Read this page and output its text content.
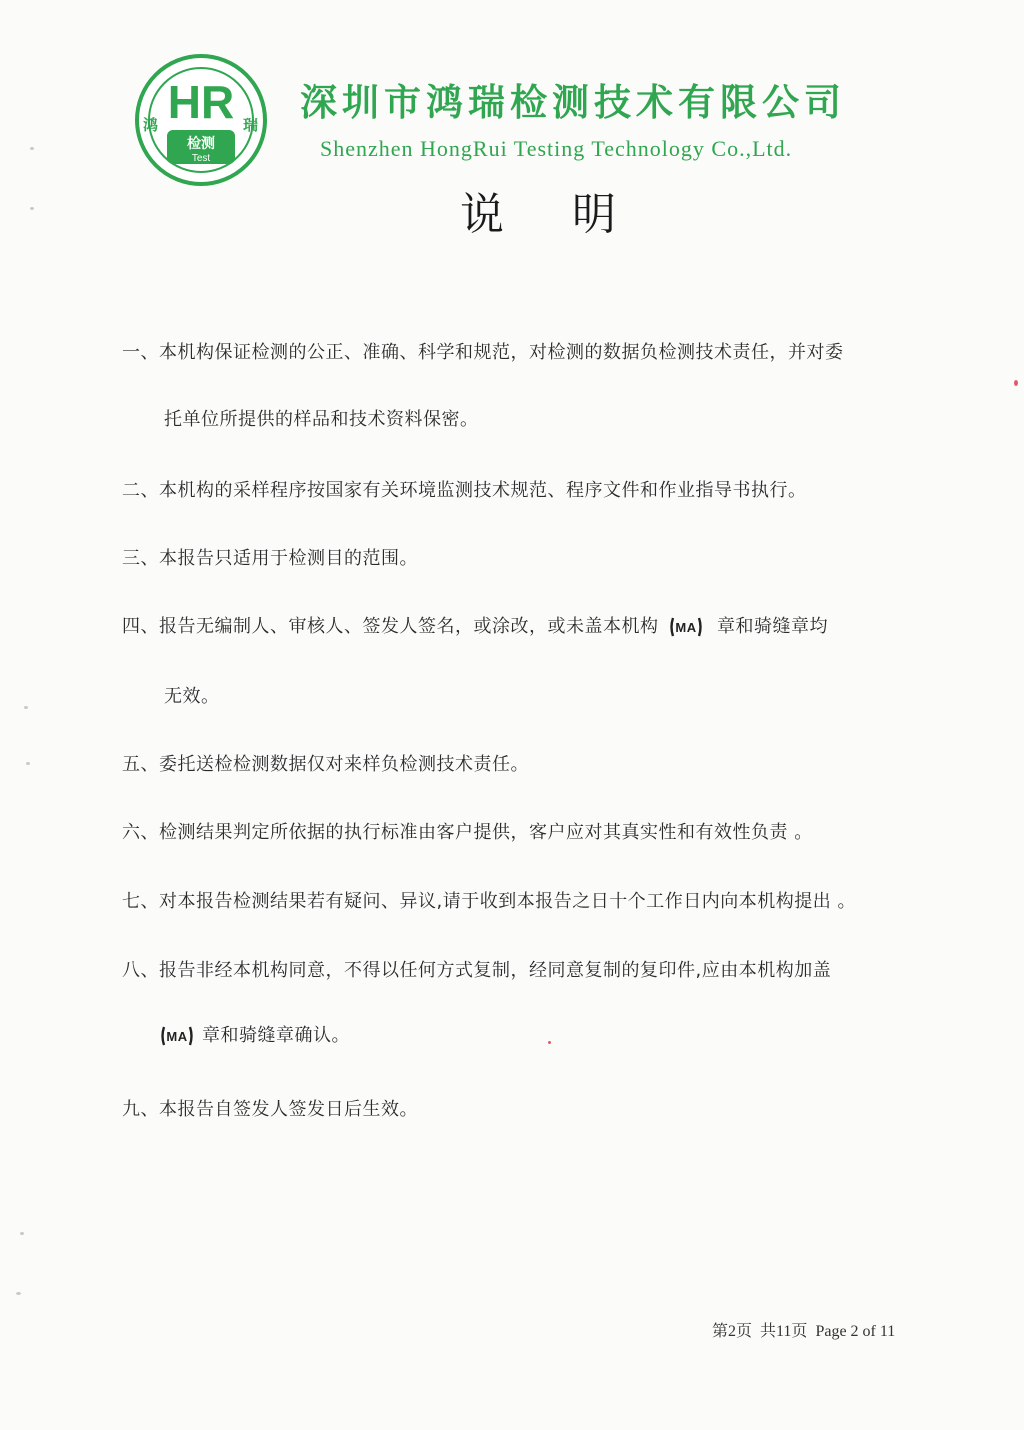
HR
鸿	瑞
检测
Test
深圳市鸿瑞检测技术有限公司
Shenzhen HongRui Testing Technology Co.,Ltd.
说明
一、本机构保证检测的公正、准确、科学和规范，对检测的数据负检测技术责任，并对委
托单位所提供的样品和技术资料保密。
二、本机构的采样程序按国家有关环境监测技术规范、程序文件和作业指导书执行。
三、本报告只适用于检测目的范围。
四、报告无编制人、审核人、签发人签名，或涂改，或未盖本机构 MA 章和骑缝章均
无效。
五、委托送检检测数据仅对来样负检测技术责任。
六、检测结果判定所依据的执行标准由客户提供，客户应对其真实性和有效性负责 。
七、对本报告检测结果若有疑问、异议,请于收到本报告之日十个工作日内向本机构提出 。
八、报告非经本机构同意，不得以任何方式复制，经同意复制的复印件,应由本机构加盖
MA 章和骑缝章确认。
九、本报告自签发人签发日后生效。
第2页 共11页 Page 2 of 11
